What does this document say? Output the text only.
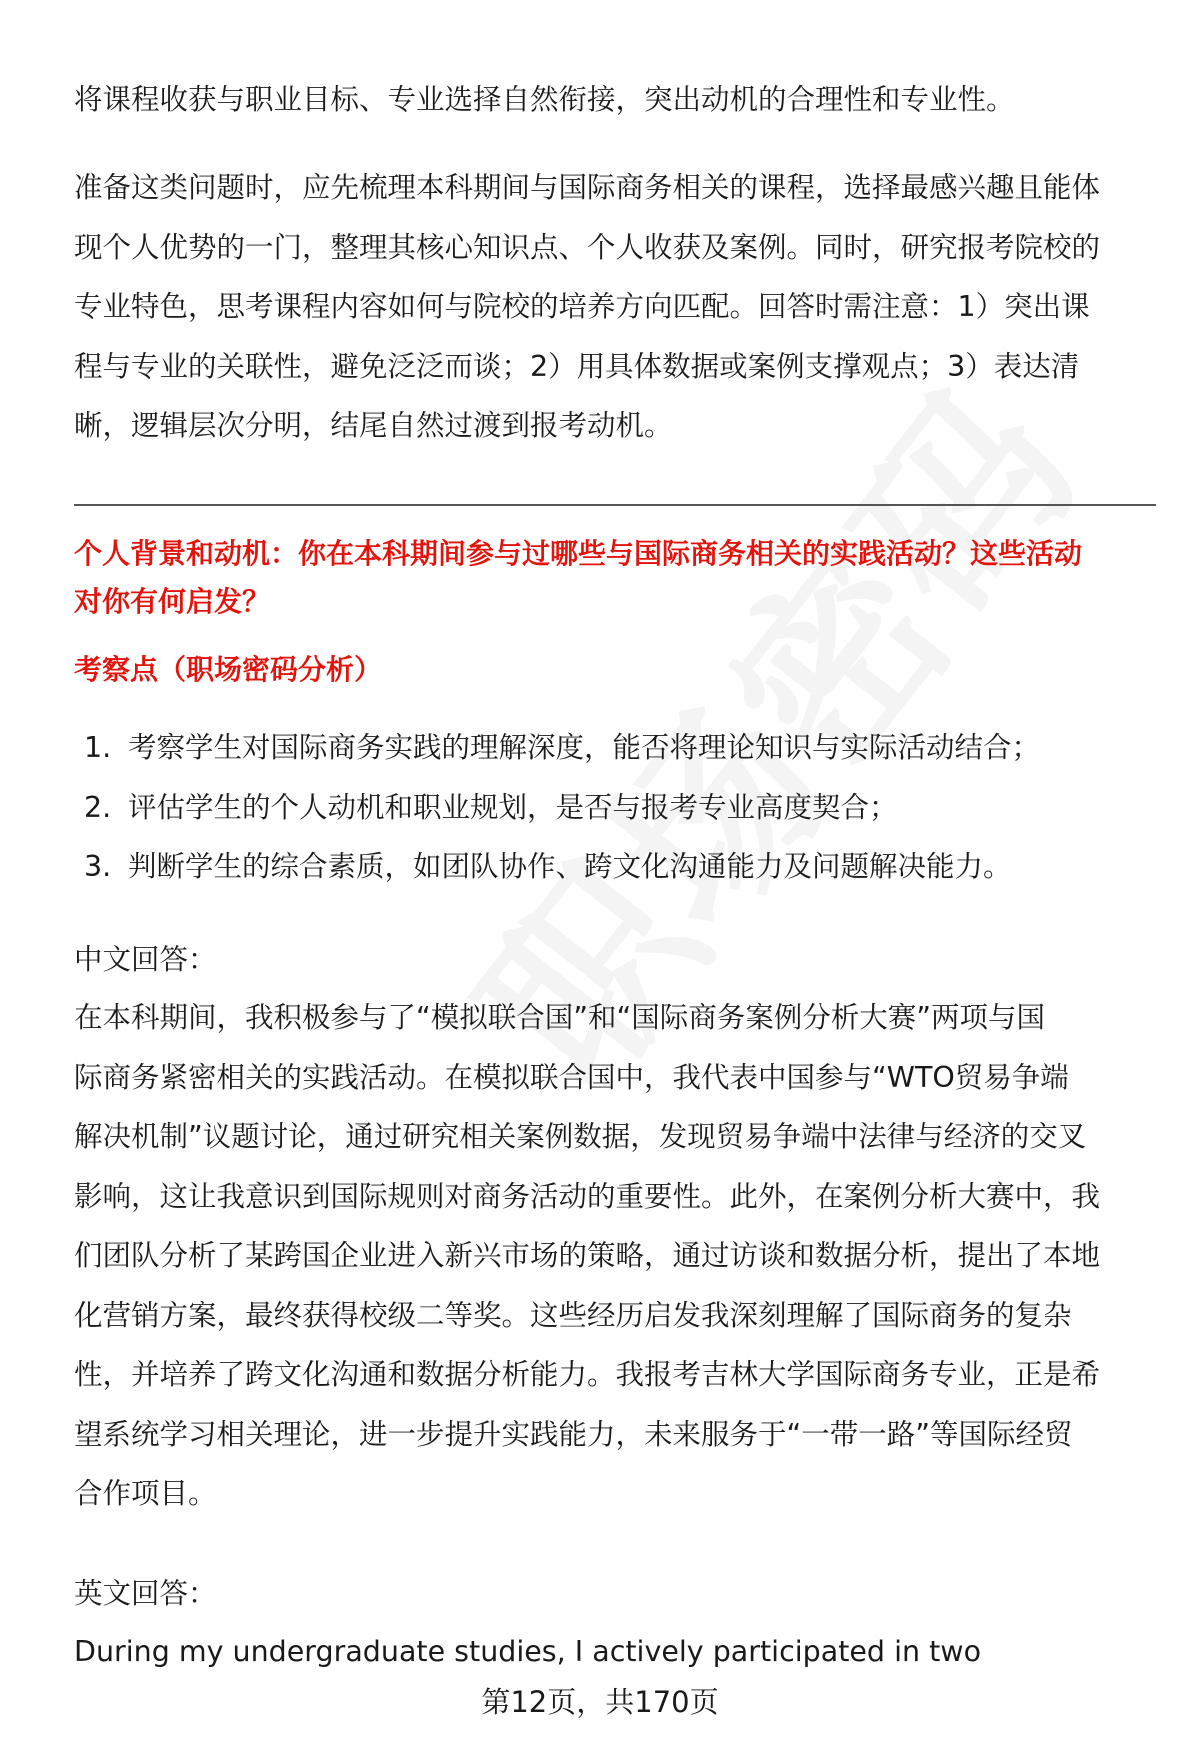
将课程收获与职业目标、专业选择自然衔接，突出动机的合理性和专业性。

准备这类问题时，应先梳理本科期间与国际商务相关的课程，选择最感兴趣且能体
现个人优势的一门，整理其核心知识点、个人收获及案例。同时，研究报考院校的
专业特色，思考课程内容如何与院校的培养方向匹配。回答时需注意：1）突出课
程与专业的关联性，避免泛泛而谈；2）用具体数据或案例支撑观点；3）表达清
晰，逻辑层次分明，结尾自然过渡到报考动机。

个人背景和动机：你在本科期间参与过哪些与国际商务相关的实践活动？这些活动
对你有何启发？

考察点（职场密码分析）

1. 考察学生对国际商务实践的理解深度，能否将理论知识与实际活动结合；
2. 评估学生的个人动机和职业规划，是否与报考专业高度契合；
3. 判断学生的综合素质，如团队协作、跨文化沟通能力及问题解决能力。

中文回答：

在本科期间，我积极参与了“模拟联合国”和“国际商务案例分析大赛”两项与国
际商务紧密相关的实践活动。在模拟联合国中，我代表中国参与“WTO贸易争端
解决机制”议题讨论，通过研究相关案例数据，发现贸易争端中法律与经济的交叉
影响，这让我意识到国际规则对商务活动的重要性。此外，在案例分析大赛中，我
们团队分析了某跨国企业进入新兴市场的策略，通过访谈和数据分析，提出了本地
化营销方案，最终获得校级二等奖。这些经历启发我深刻理解了国际商务的复杂
性，并培养了跨文化沟通和数据分析能力。我报考吉林大学国际商务专业，正是希
望系统学习相关理论，进一步提升实践能力，未来服务于“一带一路”等国际经贸
合作项目。

英文回答：

During my undergraduate studies, I actively participated in two

第12页，共170页
